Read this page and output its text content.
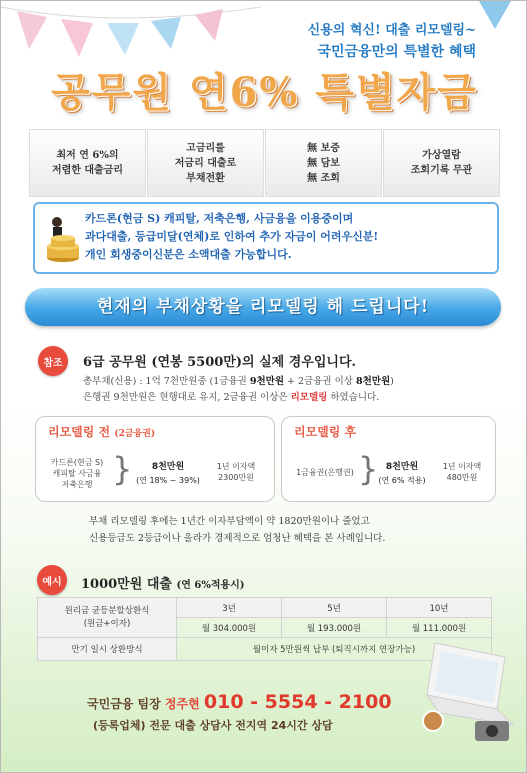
신용의 혁신! 대출 리모델링~
국민금융만의 특별한 혜택
공무원 연6% 특별자금
최저 연 6%의
저렴한 대출금리
고금리를
저금리 대출로
부채전환
無 보증
無 담보
無 조회
가상열람
조회기록 무관
카드론(현금 S) 캐피탈, 저축은행, 사금융을 이용중이며
과다대출, 등급미달(연체)로 인하여 추가 자금이 어려우신분!
개인 회생중이신분은 소액대출 가능합니다.
현재의 부채상황을 리모델링 해 드립니다!
참조	6급 공무원 (연봉 5500만)의 실제 경우입니다.
총부채(신용) : 1억 7천만원중 (1금융권 9천만원 + 2금융권 이상 8천만원)
은행권 9천만원은 현행대로 유지, 2금융권 이상은 리모델링 하였습니다.
리모델링 전 (2금융권)
카드론(현금 S)
캐피탈 사금융
저축은행 }	8천만원
(연 18% ~ 39%)
1년 이자액
2300만원
리모델링 후
1금융권(은행권) } 8천만원
(연 6% 적용)
1년 이자액
480만원
부채 리모델링 후에는 1년간 이자부담액이 약 1820만원이나 줄었고
신용등급도 2등급이나 올라가 경제적으로 엄청난 혜택을 본 사례입니다.
예시	1000만원 대출 (연 6%적용시)
원리금 균등분할상환식
(원금+이자)	3년	5년	10년
	월 304.000원	월 193.000원	월 111.000원
만기 일시 상환방식	월이자 5만원씩 납부 (퇴직시까지 연장가능)		
국민금융 팀장 정주현 010 - 5554 - 2100
(등록업체) 전문 대출 상담사 전지역 24시간 상담
